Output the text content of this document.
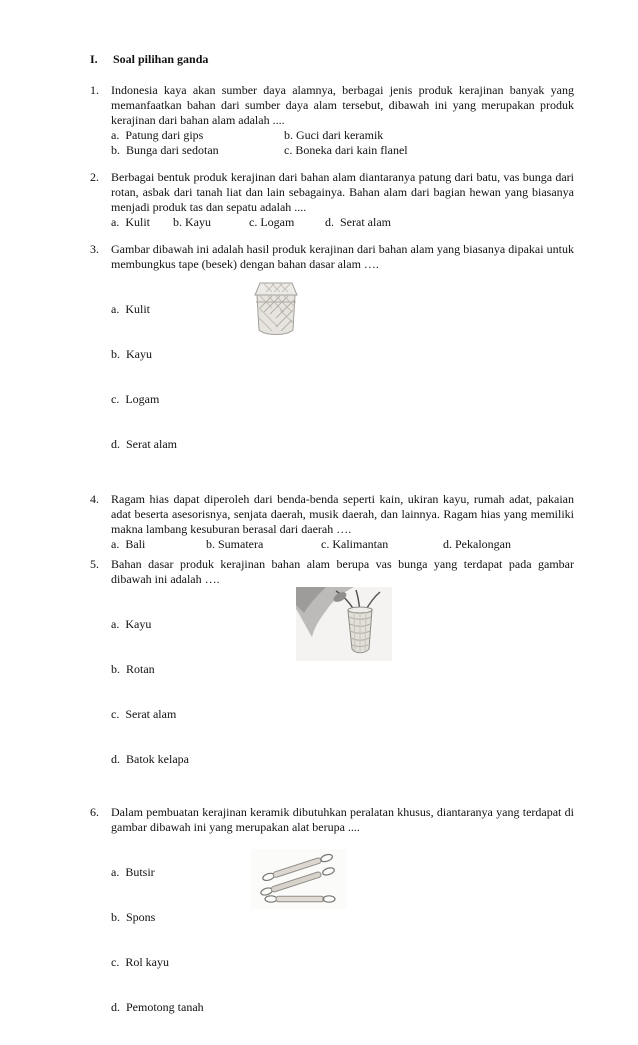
I.	Soal pilihan ganda
1.	Indonesia kaya akan sumber daya alamnya, berbagai jenis produk kerajinan banyak yang memanfaatkan bahan dari sumber daya alam tersebut, dibawah ini yang merupakan produk kerajinan dari bahan alam adalah ....
a.  Patung dari gips	b. Guci dari keramik
b.  Bunga dari sedotan	c. Boneka dari kain flanel
2.	Berbagai bentuk produk kerajinan dari bahan alam diantaranya patung dari batu, vas bunga dari rotan, asbak dari tanah liat dan lain sebagainya. Bahan alam dari bagian hewan yang biasanya menjadi produk tas dan sepatu adalah ....
a.  Kulit	b. Kayu	c. Logam	d.  Serat alam
3.	Gambar dibawah ini adalah hasil produk kerajinan dari bahan alam yang biasanya dipakai untuk membungkus tape (besek) dengan bahan dasar alam ….

a.  Kulit

b.  Kayu

c.  Logam

d.  Serat alam

4.	Ragam hias dapat diperoleh dari benda-benda seperti kain, ukiran kayu, rumah adat, pakaian adat beserta asesorisnya, senjata daerah, musik daerah, dan lainnya. Ragam hias yang memiliki makna lambang kesuburan berasal dari daerah ….
a.  Bali	b. Sumatera	c. Kalimantan	d. Pekalongan
5.	Bahan dasar produk kerajinan bahan alam berupa vas bunga yang terdapat pada gambar dibawah ini adalah ….

a.  Kayu

b.  Rotan

c.  Serat alam

d.  Batok kelapa

6.	Dalam pembuatan kerajinan keramik dibutuhkan peralatan khusus, diantaranya yang terdapat di gambar dibawah ini yang merupakan alat berupa ....

a.  Butsir

b.  Spons

c.  Rol kayu

d.  Pemotong tanah
